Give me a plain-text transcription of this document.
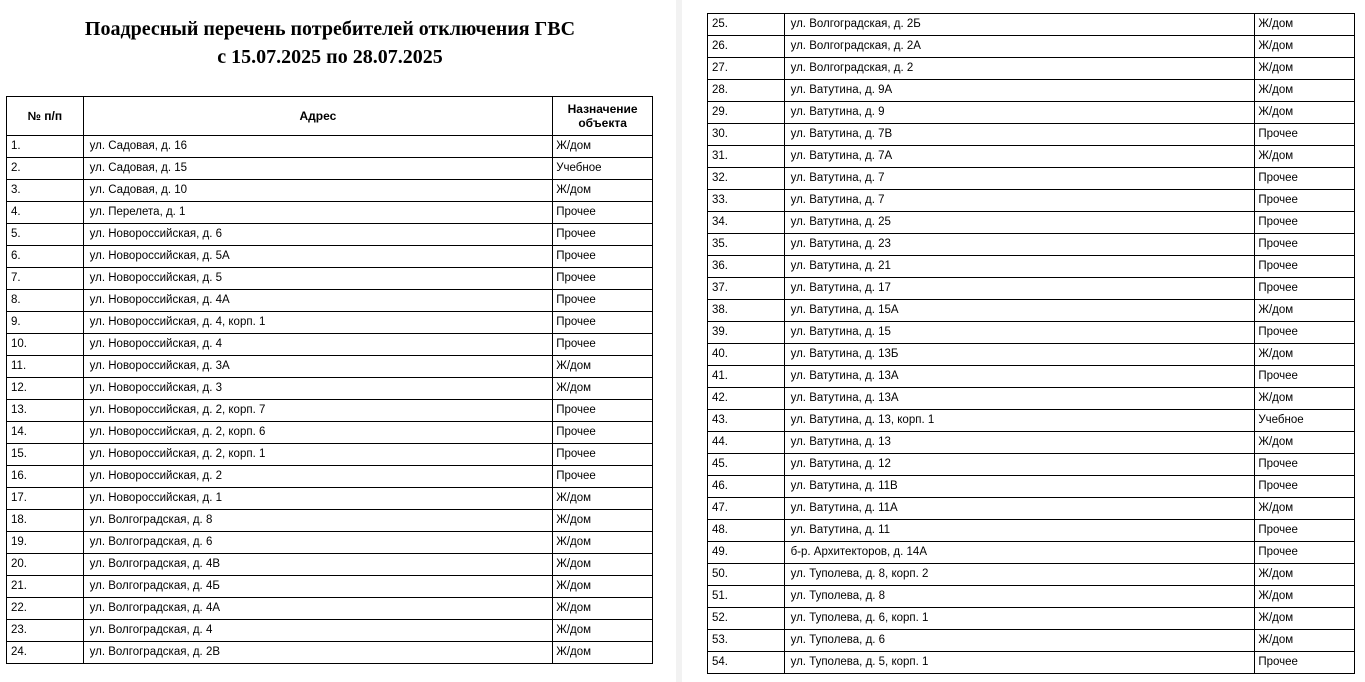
Поадресный перечень потребителей отключения ГВС
с 15.07.2025 по 28.07.2025
№ п/п	Адрес	Назначение
объекта

1.	ул. Садовая, д. 16	Ж/дом
2.	ул. Садовая, д. 15	Учебное
3.	ул. Садовая, д. 10	Ж/дом
4.	ул. Перелета, д. 1	Прочее
5.	ул. Новороссийская, д. 6	Прочее
6.	ул. Новороссийская, д. 5А	Прочее
7.	ул. Новороссийская, д. 5	Прочее
8.	ул. Новороссийская, д. 4А	Прочее
9.	ул. Новороссийская, д. 4, корп. 1	Прочее
10.	ул. Новороссийская, д. 4	Прочее
11.	ул. Новороссийская, д. 3А	Ж/дом
12.	ул. Новороссийская, д. 3	Ж/дом
13.	ул. Новороссийская, д. 2, корп. 7	Прочее
14.	ул. Новороссийская, д. 2, корп. 6	Прочее
15.	ул. Новороссийская, д. 2, корп. 1	Прочее
16.	ул. Новороссийская, д. 2	Прочее
17.	ул. Новороссийская, д. 1	Ж/дом
18.	ул. Волгоградская, д. 8	Ж/дом
19.	ул. Волгоградская, д. 6	Ж/дом
20.	ул. Волгоградская, д. 4В	Ж/дом
21.	ул. Волгоградская, д. 4Б	Ж/дом
22.	ул. Волгоградская, д. 4А	Ж/дом
23.	ул. Волгоградская, д. 4	Ж/дом
24.	ул. Волгоградская, д. 2В	Ж/дом
25.	ул. Волгоградская, д. 2Б	Ж/дом
26.	ул. Волгоградская, д. 2А	Ж/дом
27.	ул. Волгоградская, д. 2	Ж/дом
28.	ул. Ватутина, д. 9А	Ж/дом
29.	ул. Ватутина, д. 9	Ж/дом
30.	ул. Ватутина, д. 7В	Прочее
31.	ул. Ватутина, д. 7А	Ж/дом
32.	ул. Ватутина, д. 7	Прочее
33.	ул. Ватутина, д. 7	Прочее
34.	ул. Ватутина, д. 25	Прочее
35.	ул. Ватутина, д. 23	Прочее
36.	ул. Ватутина, д. 21	Прочее
37.	ул. Ватутина, д. 17	Прочее
38.	ул. Ватутина, д. 15А	Ж/дом
39.	ул. Ватутина, д. 15	Прочее
40.	ул. Ватутина, д. 13Б	Ж/дом
41.	ул. Ватутина, д. 13А	Прочее
42.	ул. Ватутина, д. 13А	Ж/дом
43.	ул. Ватутина, д. 13, корп. 1	Учебное
44.	ул. Ватутина, д. 13	Ж/дом
45.	ул. Ватутина, д. 12	Прочее
46.	ул. Ватутина, д. 11В	Прочее
47.	ул. Ватутина, д. 11А	Ж/дом
48.	ул. Ватутина, д. 11	Прочее
49.	б-р. Архитекторов, д. 14А	Прочее
50.	ул. Туполева, д. 8, корп. 2	Ж/дом
51.	ул. Туполева, д. 8	Ж/дом
52.	ул. Туполева, д. 6, корп. 1	Ж/дом
53.	ул. Туполева, д. 6	Ж/дом
54.	ул. Туполева, д. 5, корп. 1	Прочее
